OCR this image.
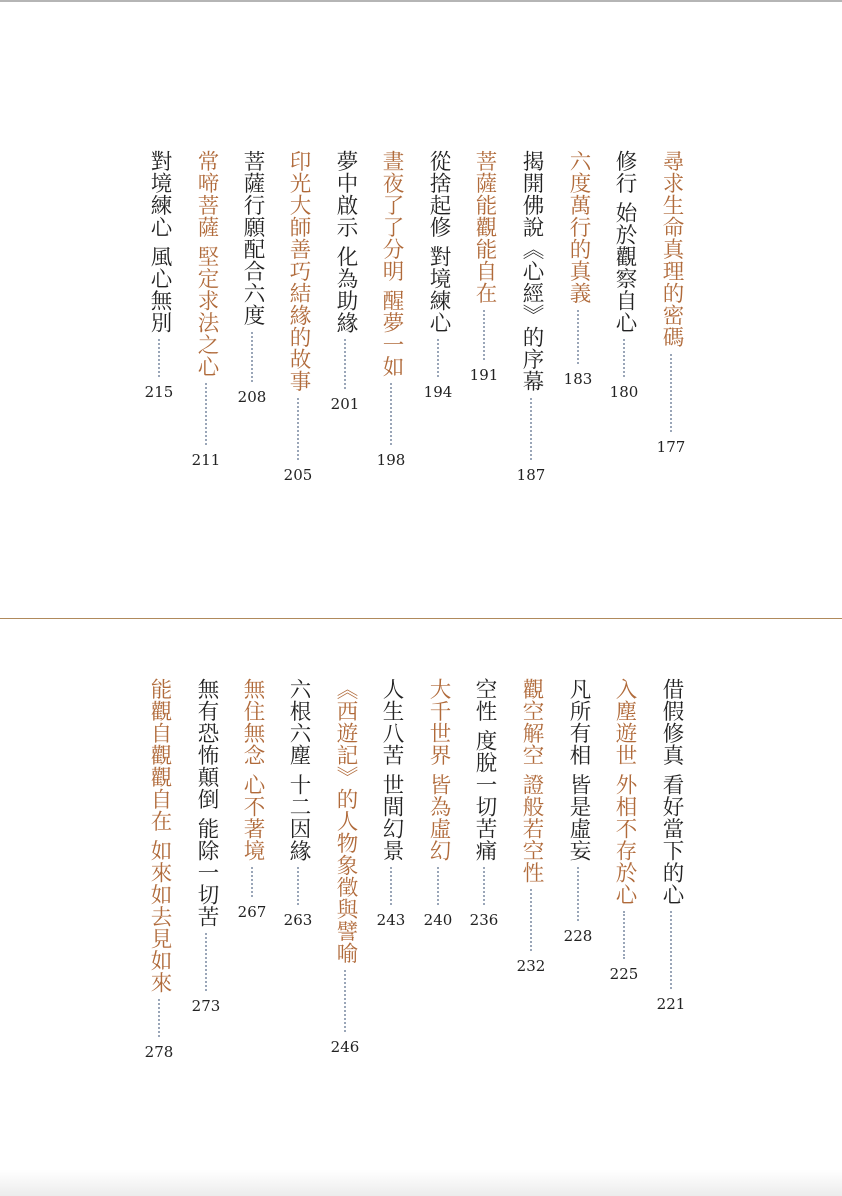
尋求生命真理的密碼
177
修行 始於觀察自心
180
六度萬行的真義
183
揭開佛說《心經》的序幕
187
菩薩能觀能自在
191
從捨起修 對境練心
194
晝夜了了分明 醒夢一如
198
夢中啟示 化為助緣
201
印光大師善巧結緣的故事
205
菩薩行願配合六度
208
常啼菩薩 堅定求法之心
211
對境練心 風心無別
215
借假修真 看好當下的心
221
入塵遊世 外相不存於心
225
凡所有相 皆是虛妄
228
觀空解空 證般若空性
232
空性 度脫一切苦痛
236
大千世界 皆為虛幻
240
人生八苦 世間幻景
243
《西遊記》的人物象徵與譬喻
246
六根六塵 十二因緣
263
無住無念 心不著境
267
無有恐怖顛倒 能除一切苦
273
能觀自觀觀自在 如來如去見如來
278
